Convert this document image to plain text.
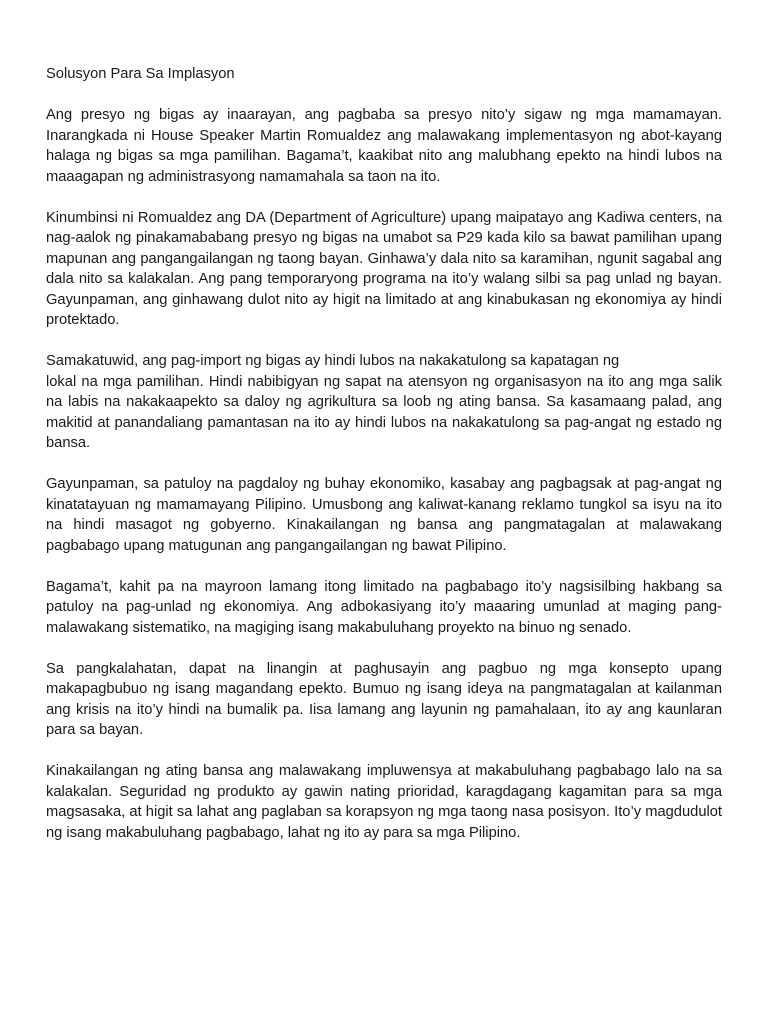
Solusyon Para Sa Implasyon

Ang presyo ng bigas ay inaarayan, ang pagbaba sa presyo nito’y sigaw ng mga mamamayan. Inarangkada ni House Speaker Martin Romualdez ang malawakang implementasyon ng abot-kayang halaga ng bigas sa mga pamilihan. Bagama’t, kaakibat nito ang malubhang epekto na hindi lubos na maaagapan ng administrasyong namamahala sa taon na ito.

Kinumbinsi ni Romualdez ang DA (Department of Agriculture) upang maipatayo ang Kadiwa centers, na nag-aalok ng pinakamababang presyo ng bigas na umabot sa P29 kada kilo sa bawat pamilihan upang mapunan ang pangangailangan ng taong bayan. Ginhawa’y dala nito sa karamihan, ngunit sagabal ang dala nito sa kalakalan. Ang pang temporaryong programa na ito’y walang silbi sa pag unlad ng bayan. Gayunpaman, ang ginhawang dulot nito ay higit na limitado at ang kinabukasan ng ekonomiya ay hindi protektado.

Samakatuwid, ang pag-import ng bigas ay hindi lubos na nakakatulong sa kapatagan ng
lokal na mga pamilihan. Hindi nabibigyan ng sapat na atensyon ng organisasyon na ito ang mga salik na labis na nakakaapekto sa daloy ng agrikultura sa loob ng ating bansa. Sa kasamaang palad, ang makitid at panandaliang pamantasan na ito ay hindi lubos na nakakatulong sa pag-angat ng estado ng bansa.

Gayunpaman, sa patuloy na pagdaloy ng buhay ekonomiko, kasabay ang pagbagsak at pag-angat ng kinatatayuan ng mamamayang Pilipino. Umusbong ang kaliwat-kanang reklamo tungkol sa isyu na ito na hindi masagot ng gobyerno. Kinakailangan ng bansa ang pangmatagalan at malawakang pagbabago upang matugunan ang pangangailangan ng bawat Pilipino.

Bagama’t, kahit pa na mayroon lamang itong limitado na pagbabago ito’y nagsisilbing hakbang sa patuloy na pag-unlad ng ekonomiya. Ang adbokasiyang ito’y maaaring umunlad at maging pang-malawakang sistematiko, na magiging isang makabuluhang proyekto na binuo ng senado.

Sa pangkalahatan, dapat na linangin at paghusayin ang pagbuo ng mga konsepto upang makapagbubuo ng isang magandang epekto. Bumuo ng isang ideya na pangmatagalan at kailanman ang krisis na ito’y hindi na bumalik pa. Iisa lamang ang layunin ng pamahalaan, ito ay ang kaunlaran para sa bayan.

Kinakailangan ng ating bansa ang malawakang impluwensya at makabuluhang pagbabago lalo na sa kalakalan. Seguridad ng produkto ay gawin nating prioridad, karagdagang kagamitan para sa mga magsasaka, at higit sa lahat ang paglaban sa korapsyon ng mga taong nasa posisyon. Ito’y magdudulot ng isang makabuluhang pagbabago, lahat ng ito ay para sa mga Pilipino.
